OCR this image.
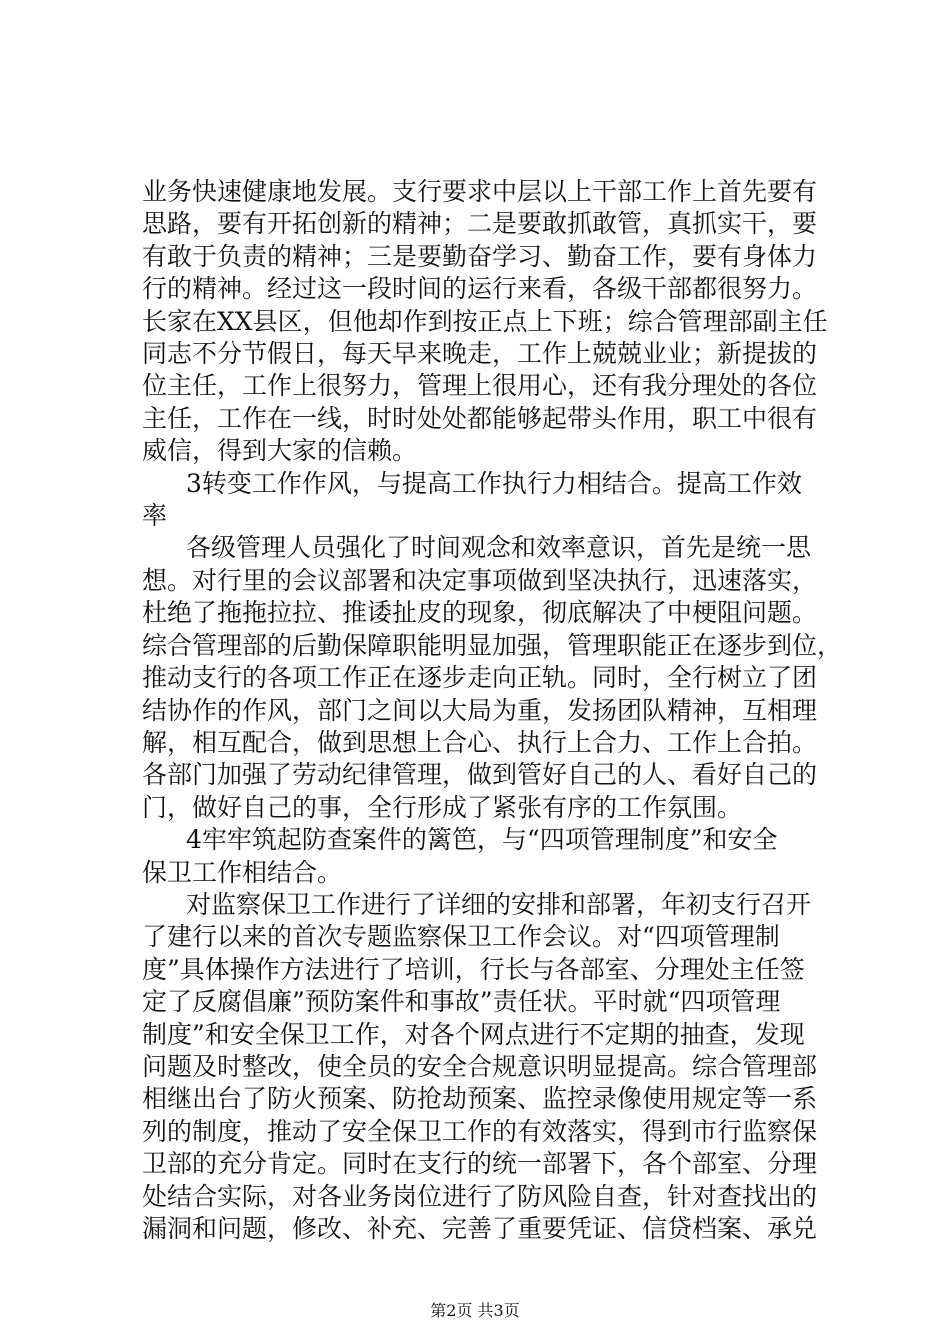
业务快速健康地发展。支行要求中层以上干部工作上首先要有
思路，要有开拓创新的精神；二是要敢抓敢管，真抓实干，要
有敢于负责的精神；三是要勤奋学习、勤奋工作，要有身体力
行的精神。经过这一段时间的运行来看，各级干部都很努力。
长家在XX县区，但他却作到按正点上下班；综合管理部副主任
同志不分节假日，每天早来晚走，工作上兢兢业业；新提拔的
位主任，工作上很努力，管理上很用心，还有我分理处的各位
主任，工作在一线，时时处处都能够起带头作用，职工中很有
威信，得到大家的信赖。

3转变工作作风，与提高工作执行力相结合。提高工作效
率

各级管理人员强化了时间观念和效率意识，首先是统一思
想。对行里的会议部署和决定事项做到坚决执行，迅速落实，
杜绝了拖拖拉拉、推诿扯皮的现象，彻底解决了中梗阻问题。
综合管理部的后勤保障职能明显加强，管理职能正在逐步到位，
推动支行的各项工作正在逐步走向正轨。同时，全行树立了团
结协作的作风，部门之间以大局为重，发扬团队精神，互相理
解，相互配合，做到思想上合心、执行上合力、工作上合拍。
各部门加强了劳动纪律管理，做到管好自己的人、看好自己的
门，做好自己的事，全行形成了紧张有序的工作氛围。

4牢牢筑起防查案件的篱笆，与“四项管理制度”和安全
保卫工作相结合。

对监察保卫工作进行了详细的安排和部署，年初支行召开
了建行以来的首次专题监察保卫工作会议。对“四项管理制
度”具体操作方法进行了培训，行长与各部室、分理处主任签
定了反腐倡廉”预防案件和事故”责任状。平时就“四项管理
制度”和安全保卫工作，对各个网点进行不定期的抽查，发现
问题及时整改，使全员的安全合规意识明显提高。综合管理部
相继出台了防火预案、防抢劫预案、监控录像使用规定等一系
列的制度，推动了安全保卫工作的有效落实，得到市行监察保
卫部的充分肯定。同时在支行的统一部署下，各个部室、分理
处结合实际，对各业务岗位进行了防风险自查，针对查找出的
漏洞和问题，修改、补充、完善了重要凭证、信贷档案、承兑

第2页 共3页
